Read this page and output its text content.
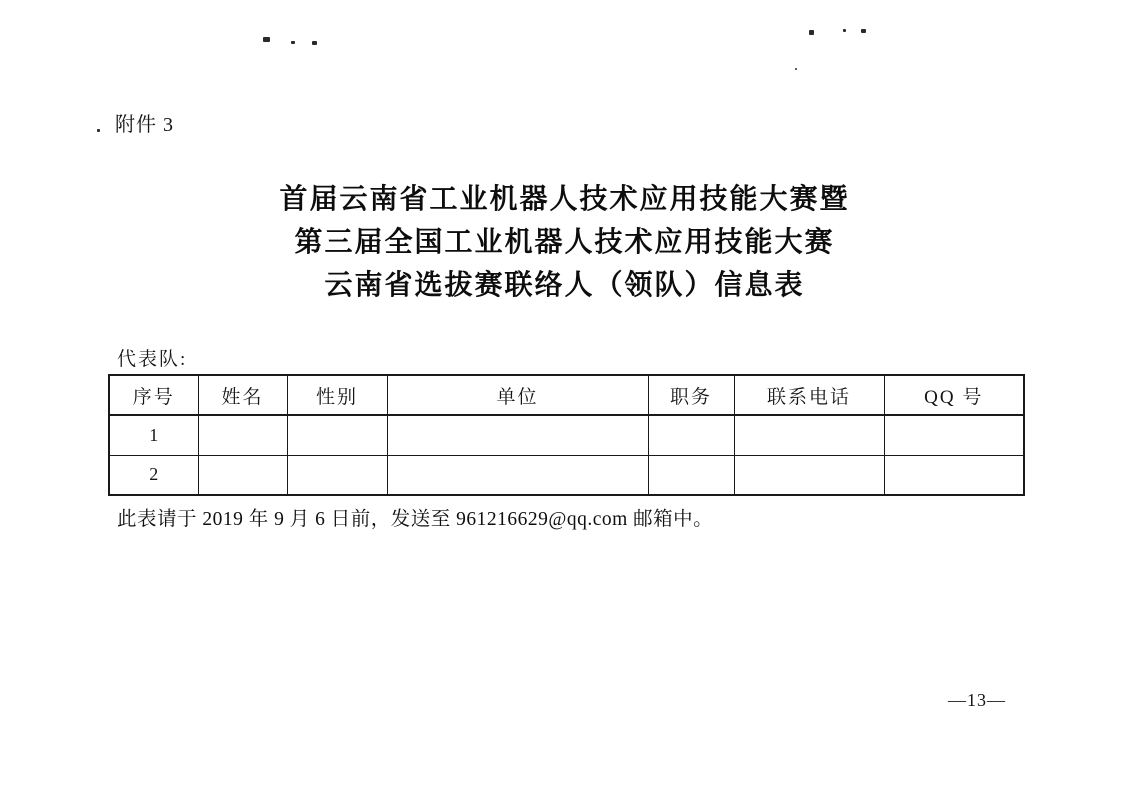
附件 3
首届云南省工业机器人技术应用技能大赛暨
第三届全国工业机器人技术应用技能大赛
云南省选拔赛联络人（领队）信息表
代表队:
序号	姓名	性别	单位	职务	联系电话	QQ 号
1						
2						
此表请于 2019 年 9 月 6 日前，发送至 961216629@qq.com 邮箱中。
—13—
